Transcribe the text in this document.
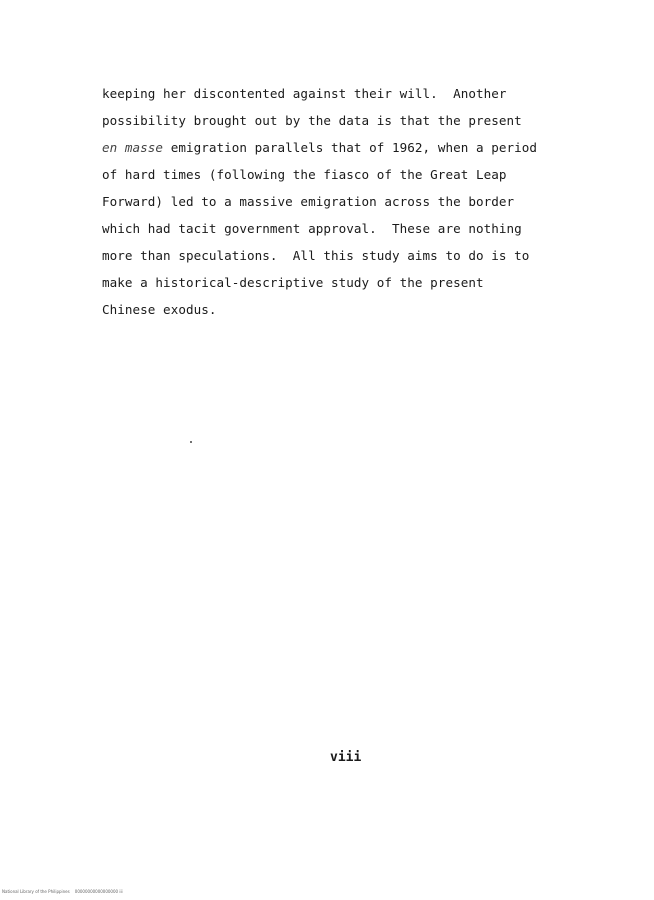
keeping her discontented against their will.  Another
possibility brought out by the data is that the present
en masse emigration parallels that of 1962, when a period
of hard times (following the fiasco of the Great Leap
Forward) led to a massive emigration across the border
which had tacit government approval.  These are nothing
more than speculations.  All this study aims to do is to
make a historical-descriptive study of the present
Chinese exodus.
viii
National Library of the Philippines    00000000000000000 iii
